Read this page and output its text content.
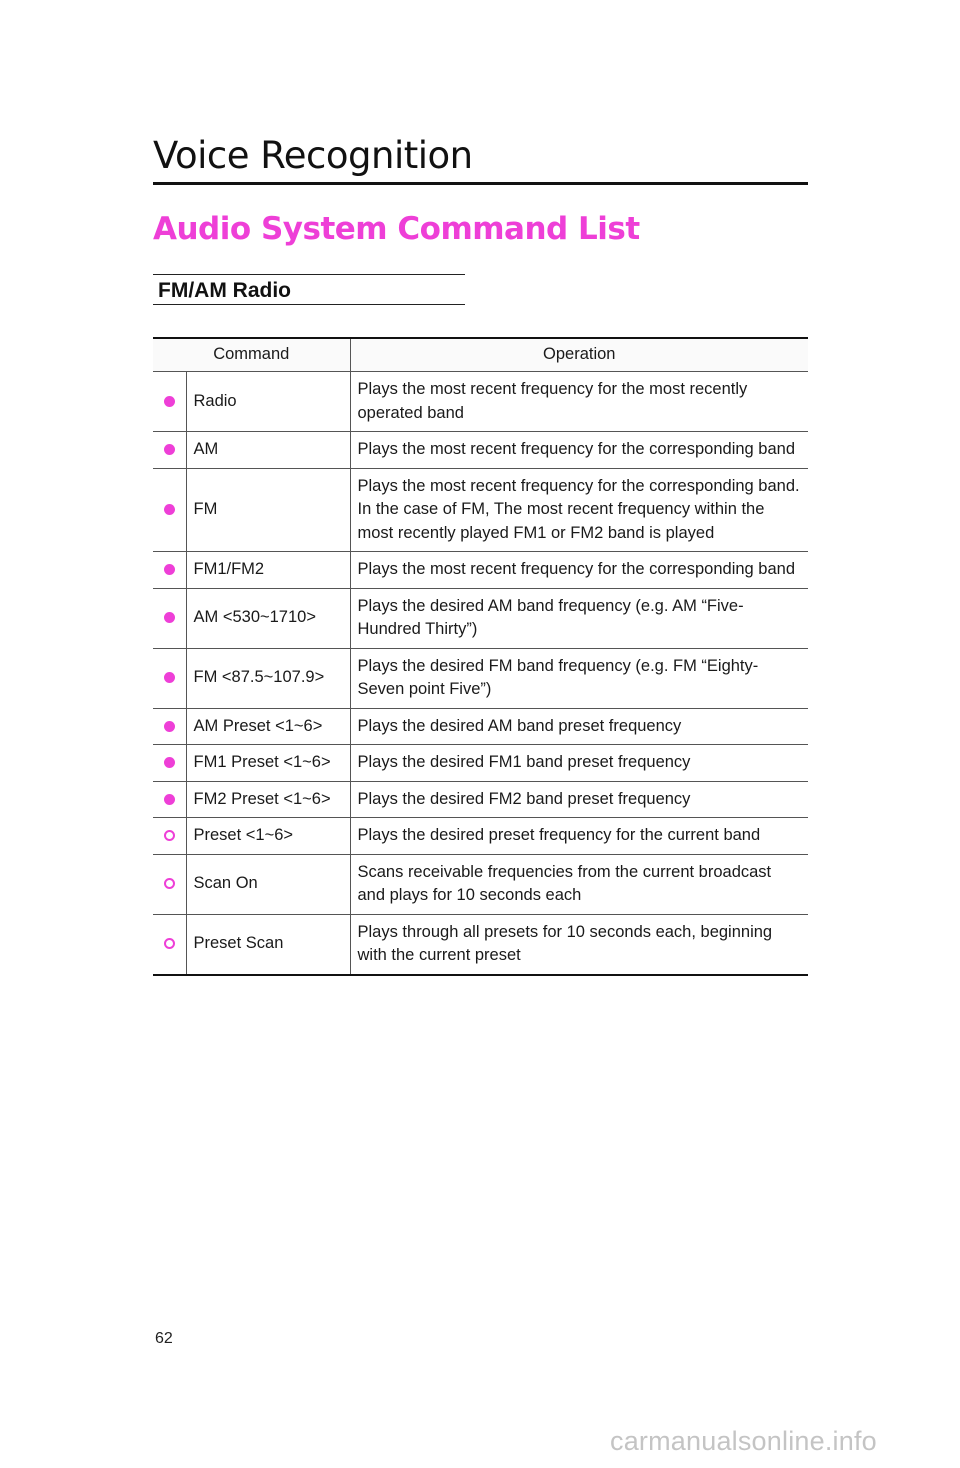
Voice Recognition
Audio System Command List
FM/AM Radio
Command		Operation
	Radio	Plays the most recent frequency for the most recently operated band
	AM	Plays the most recent frequency for the corresponding band
	FM	Plays the most recent frequency for the corresponding band.
In the case of FM, The most recent frequency within the most recently played FM1 or FM2 band is played
	FM1/FM2	Plays the most recent frequency for the corresponding band
	AM <530~1710>	Plays the desired AM band frequency (e.g. AM “Five-Hundred Thirty”)
	FM <87.5~107.9>	Plays the desired FM band frequency (e.g. FM “Eighty-Seven point Five”)
	AM Preset <1~6>	Plays the desired AM band preset frequency
	FM1 Preset <1~6>	Plays the desired FM1 band preset frequency
	FM2 Preset <1~6>	Plays the desired FM2 band preset frequency
	Preset <1~6>	Plays the desired preset frequency for the current band
	Scan On	Scans receivable frequencies from the current broadcast and plays for 10 seconds each
	Preset Scan	Plays through all presets for 10 seconds each, beginning with the current preset
62
carmanualsonline.info
